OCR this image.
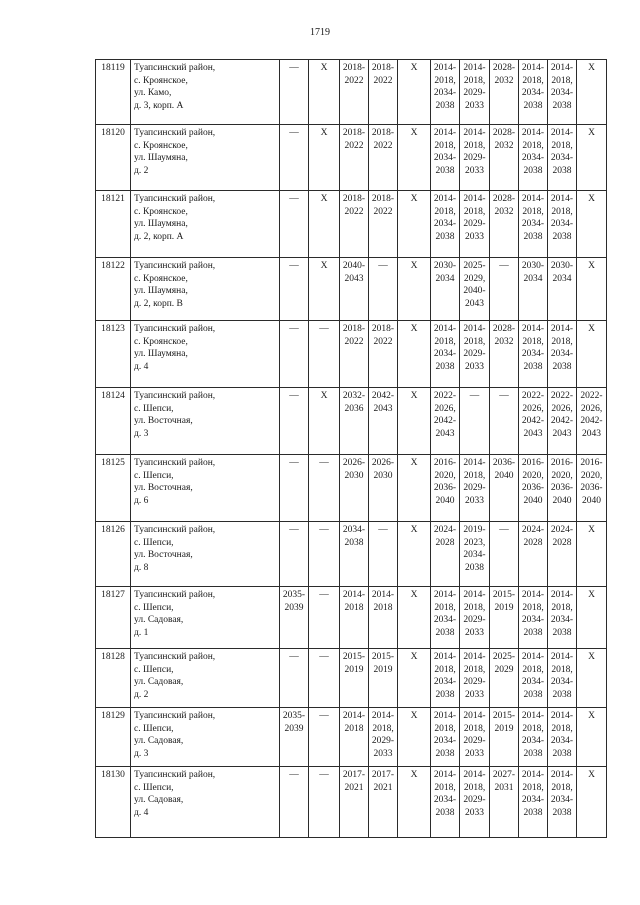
1719
18119	Туапсинский район,
с. Кроянское,
ул. Камо,
д. 3, корп. А	—	X	2018-
2022	2018-
2022	X	2014-
2018,
2034-
2038	2014-
2018,
2029-
2033	2028-
2032	2014-
2018,
2034-
2038	2014-
2018,
2034-
2038	X

18120	Туапсинский район,
с. Кроянское,
ул. Шаумяна,
д. 2	—	X	2018-
2022	2018-
2022	X	2014-
2018,
2034-
2038	2014-
2018,
2029-
2033	2028-
2032	2014-
2018,
2034-
2038	2014-
2018,
2034-
2038	X

18121	Туапсинский район,
с. Кроянское,
ул. Шаумяна,
д. 2, корп. А	—	X	2018-
2022	2018-
2022	X	2014-
2018,
2034-
2038	2014-
2018,
2029-
2033	2028-
2032	2014-
2018,
2034-
2038	2014-
2018,
2034-
2038	X

18122	Туапсинский район,
с. Кроянское,
ул. Шаумяна,
д. 2, корп. В	—	X	2040-
2043	—	X	2030-
2034	2025-
2029,
2040-
2043	—	2030-
2034	2030-
2034	X

18123	Туапсинский район,
с. Кроянское,
ул. Шаумяна,
д. 4	—	—	2018-
2022	2018-
2022	X	2014-
2018,
2034-
2038	2014-
2018,
2029-
2033	2028-
2032	2014-
2018,
2034-
2038	2014-
2018,
2034-
2038	X

18124	Туапсинский район,
с. Шепси,
ул. Восточная,
д. 3	—	X	2032-
2036	2042-
2043	X	2022-
2026,
2042-
2043	—	—	2022-
2026,
2042-
2043	2022-
2026,
2042-
2043	2022-
2026,
2042-
2043

18125	Туапсинский район,
с. Шепси,
ул. Восточная,
д. 6	—	—	2026-
2030	2026-
2030	X	2016-
2020,
2036-
2040	2014-
2018,
2029-
2033	2036-
2040	2016-
2020,
2036-
2040	2016-
2020,
2036-
2040	2016-
2020,
2036-
2040

18126	Туапсинский район,
с. Шепси,
ул. Восточная,
д. 8	—	—	2034-
2038	—	X	2024-
2028	2019-
2023,
2034-
2038	—	2024-
2028	2024-
2028	X

18127	Туапсинский район,
с. Шепси,
ул. Садовая,
д. 1	2035-
2039	—	2014-
2018	2014-
2018	X	2014-
2018,
2034-
2038	2014-
2018,
2029-
2033	2015-
2019	2014-
2018,
2034-
2038	2014-
2018,
2034-
2038	X

18128	Туапсинский район,
с. Шепси,
ул. Садовая,
д. 2	—	—	2015-
2019	2015-
2019	X	2014-
2018,
2034-
2038	2014-
2018,
2029-
2033	2025-
2029	2014-
2018,
2034-
2038	2014-
2018,
2034-
2038	X

18129	Туапсинский район,
с. Шепси,
ул. Садовая,
д. 3	2035-
2039	—	2014-
2018	2014-
2018,
2029-
2033	X	2014-
2018,
2034-
2038	2014-
2018,
2029-
2033	2015-
2019	2014-
2018,
2034-
2038	2014-
2018,
2034-
2038	X

18130	Туапсинский район,
с. Шепси,
ул. Садовая,
д. 4	—	—	2017-
2021	2017-
2021	X	2014-
2018,
2034-
2038	2014-
2018,
2029-
2033	2027-
2031	2014-
2018,
2034-
2038	2014-
2018,
2034-
2038	X
